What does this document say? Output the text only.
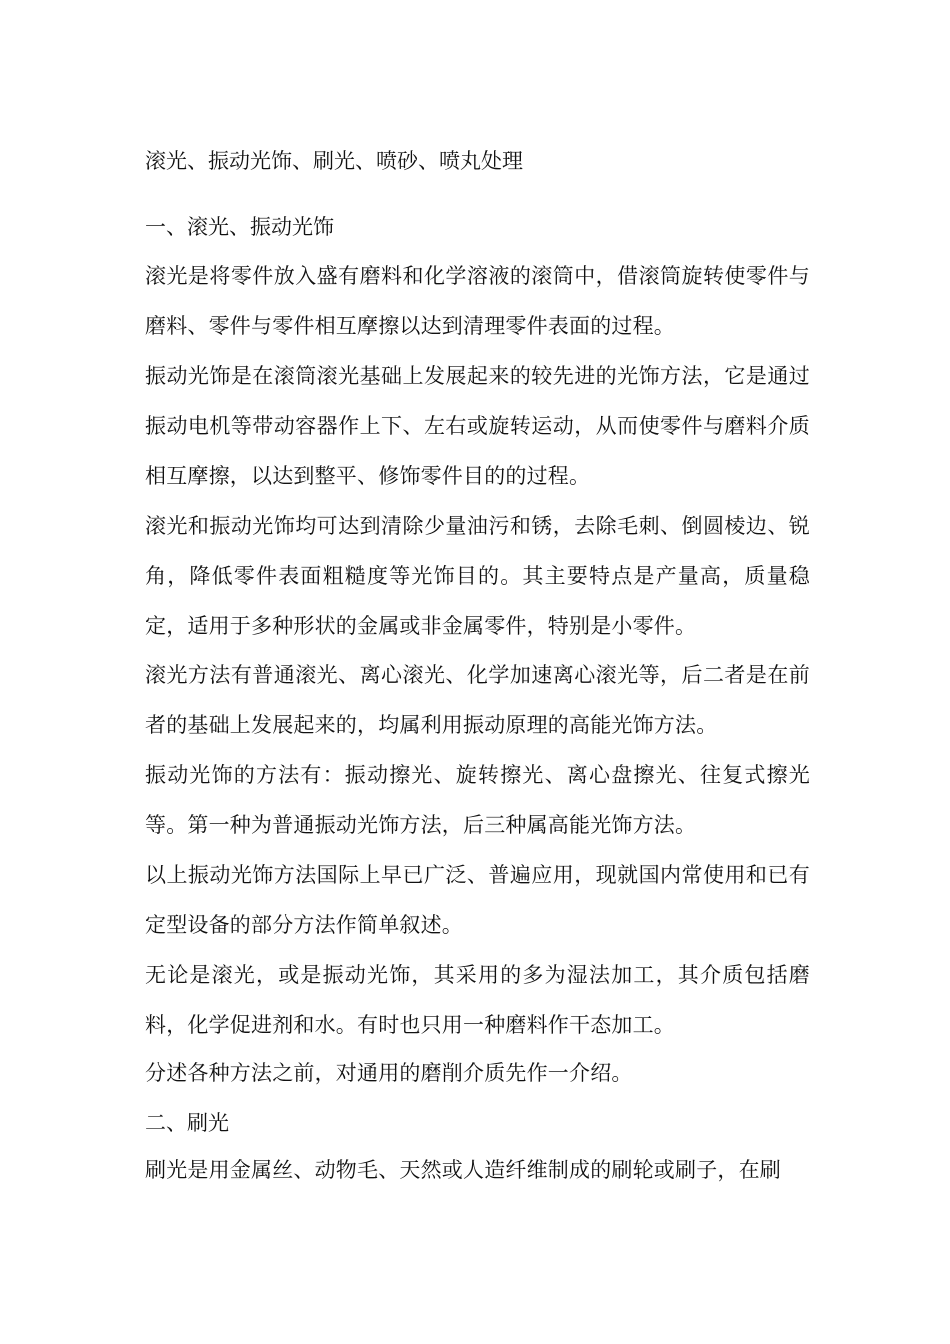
滚光、振动光饰、刷光、喷砂、喷丸处理
一、滚光、振动光饰
滚光是将零件放入盛有磨料和化学溶液的滚筒中，借滚筒旋转使零件与磨料、零件与零件相互摩擦以达到清理零件表面的过程。
振动光饰是在滚筒滚光基础上发展起来的较先进的光饰方法，它是通过振动电机等带动容器作上下、左右或旋转运动，从而使零件与磨料介质相互摩擦，以达到整平、修饰零件目的的过程。
滚光和振动光饰均可达到清除少量油污和锈，去除毛刺、倒圆棱边、锐角，降低零件表面粗糙度等光饰目的。其主要特点是产量高，质量稳定，适用于多种形状的金属或非金属零件，特别是小零件。
滚光方法有普通滚光、离心滚光、化学加速离心滚光等，后二者是在前者的基础上发展起来的，均属利用振动原理的高能光饰方法。
振动光饰的方法有：振动擦光、旋转擦光、离心盘擦光、往复式擦光等。第一种为普通振动光饰方法，后三种属高能光饰方法。
以上振动光饰方法国际上早已广泛、普遍应用，现就国内常使用和已有定型设备的部分方法作简单叙述。
无论是滚光，或是振动光饰，其采用的多为湿法加工，其介质包括磨料，化学促进剂和水。有时也只用一种磨料作干态加工。
分述各种方法之前，对通用的磨削介质先作一介绍。
二、刷光
刷光是用金属丝、动物毛、天然或人造纤维制成的刷轮或刷子，在刷
